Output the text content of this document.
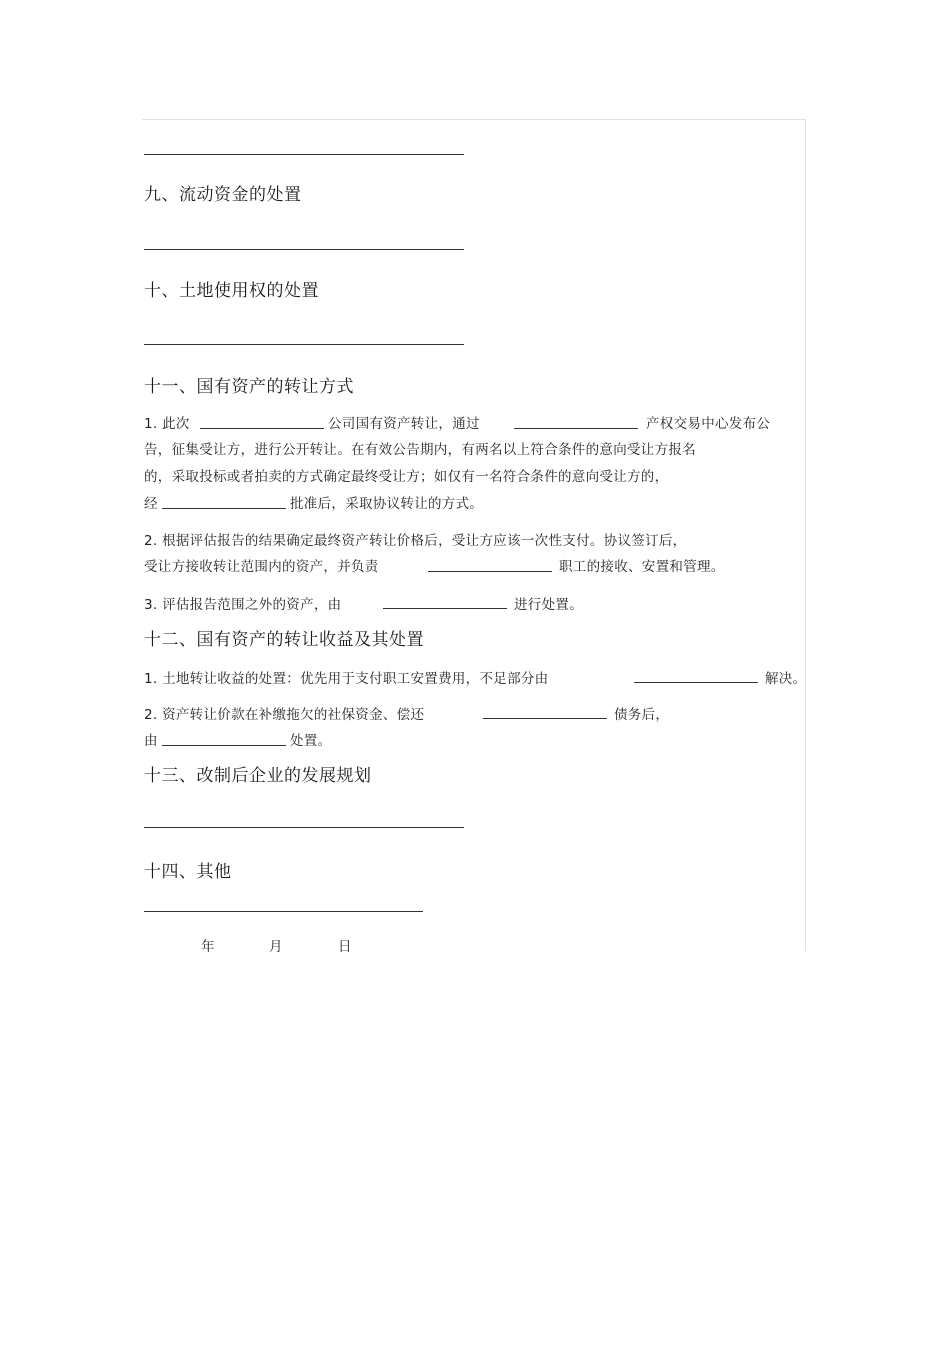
九、流动资金的处置
十、土地使用权的处置
十一、国有资产的转让方式
1. 此次	公司国有资产转让，通过	产权交易中心发布公
告，征集受让方，进行公开转让。在有效公告期内，有两名以上符合条件的意向受让方报名
的，采取投标或者拍卖的方式确定最终受让方；如仅有一名符合条件的意向受让方的，
经	批准后，采取协议转让的方式。
2. 根据评估报告的结果确定最终资产转让价格后，受让方应该一次性支付。协议签订后，
受让方接收转让范围内的资产，并负责	职工的接收、安置和管理。
3. 评估报告范围之外的资产，由	进行处置。
十二、国有资产的转让收益及其处置
1. 土地转让收益的处置：优先用于支付职工安置费用，不足部分由	解决。
2. 资产转让价款在补缴拖欠的社保资金、偿还	债务后，
由	处置。
十三、改制后企业的发展规划
十四、其他
年	月	日
